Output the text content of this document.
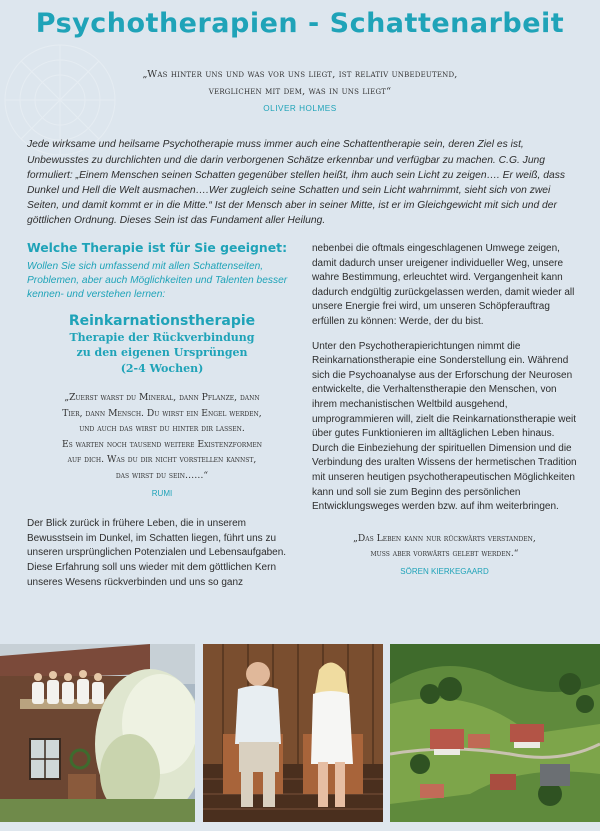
Psychotherapien - Schattenarbeit
„Was hinter uns und was vor uns liegt, ist relativ unbedeutend,
verglichen mit dem, was in uns liegt“
OLIVER HOLMES

Jede wirksame und heilsame Psychotherapie muss immer auch eine Schattentherapie sein, deren Ziel es ist, Unbewusstes zu durchlichten und die darin verborgenen Schätze erkennbar und verfügbar zu machen. C.G. Jung formuliert: „Einem Menschen seinen Schatten gegenüber stellen heißt, ihm auch sein Licht zu zeigen…. Er weiß, dass Dunkel und Hell die Welt ausmachen….Wer zugleich seine Schatten und sein Licht wahrnimmt, sieht sich von zwei Seiten, und damit kommt er in die Mitte.“ Ist der Mensch aber in seiner Mitte, ist er im Gleichgewicht mit sich und der göttlichen Ordnung. Dieses Sein ist das Fundament aller Heilung.

Welche Therapie ist für Sie geeignet:

Wollen Sie sich umfassend mit allen Schattenseiten, Problemen, aber auch Möglichkeiten und Talenten besser kennen- und verstehen lernen:

Reinkarnationstherapie

Therapie der Rückverbindung
zu den eigenen Ursprüngen

(2-4 Wochen)

„Zuerst warst du Mineral, dann Pflanze, dann
Tier, dann Mensch. Du wirst ein Engel werden,
und auch das wirst du hinter dir lassen.
Es warten noch tausend weitere Existenzformen
auf dich. Was du dir nicht vorstellen kannst,
das wirst du sein……“
RUMI

Der Blick zurück in frühere Leben, die in unserem Bewusstsein im Dunkel, im Schatten liegen, führt uns zu unseren ursprünglichen Potenzialen und Lebensaufgaben. Diese Erfahrung soll uns wieder mit dem göttlichen Kern unseres Wesens rückverbinden und uns so ganz

nebenbei die oftmals eingeschlagenen Umwege zeigen, damit dadurch unser ureigener individueller Weg, unsere wahre Bestimmung, erleuchtet wird. Vergangenheit kann dadurch endgültig zurückgelassen werden, damit wieder all unsere Energie frei wird, um unseren Schöpferauftrag erfüllen zu können: Werde, der du bist.

Unter den Psychotherapierichtungen nimmt die Reinkarnationstherapie eine Sonderstellung ein. Während sich die Psychoanalyse aus der Erforschung der Neurosen entwickelte, die Verhaltenstherapie den Menschen, von ihrem mechanistischen Weltbild ausgehend, umprogrammieren will, zielt die Reinkarnationstherapie weit über gutes Funktionieren im alltäglichen Leben hinaus. Durch die Einbeziehung der spirituellen Dimension und die Verbindung des uralten Wissens der hermetischen Tradition mit unseren heutigen psychotherapeutischen Möglichkeiten kann und soll sie zum Beginn des persönlichen Entwicklungsweges werden bzw. auf ihm weiterbringen.

„Das Leben kann nur rückwärts verstanden,
muss aber vorwärts gelebt werden.“
SÖREN KIERKEGAARD
